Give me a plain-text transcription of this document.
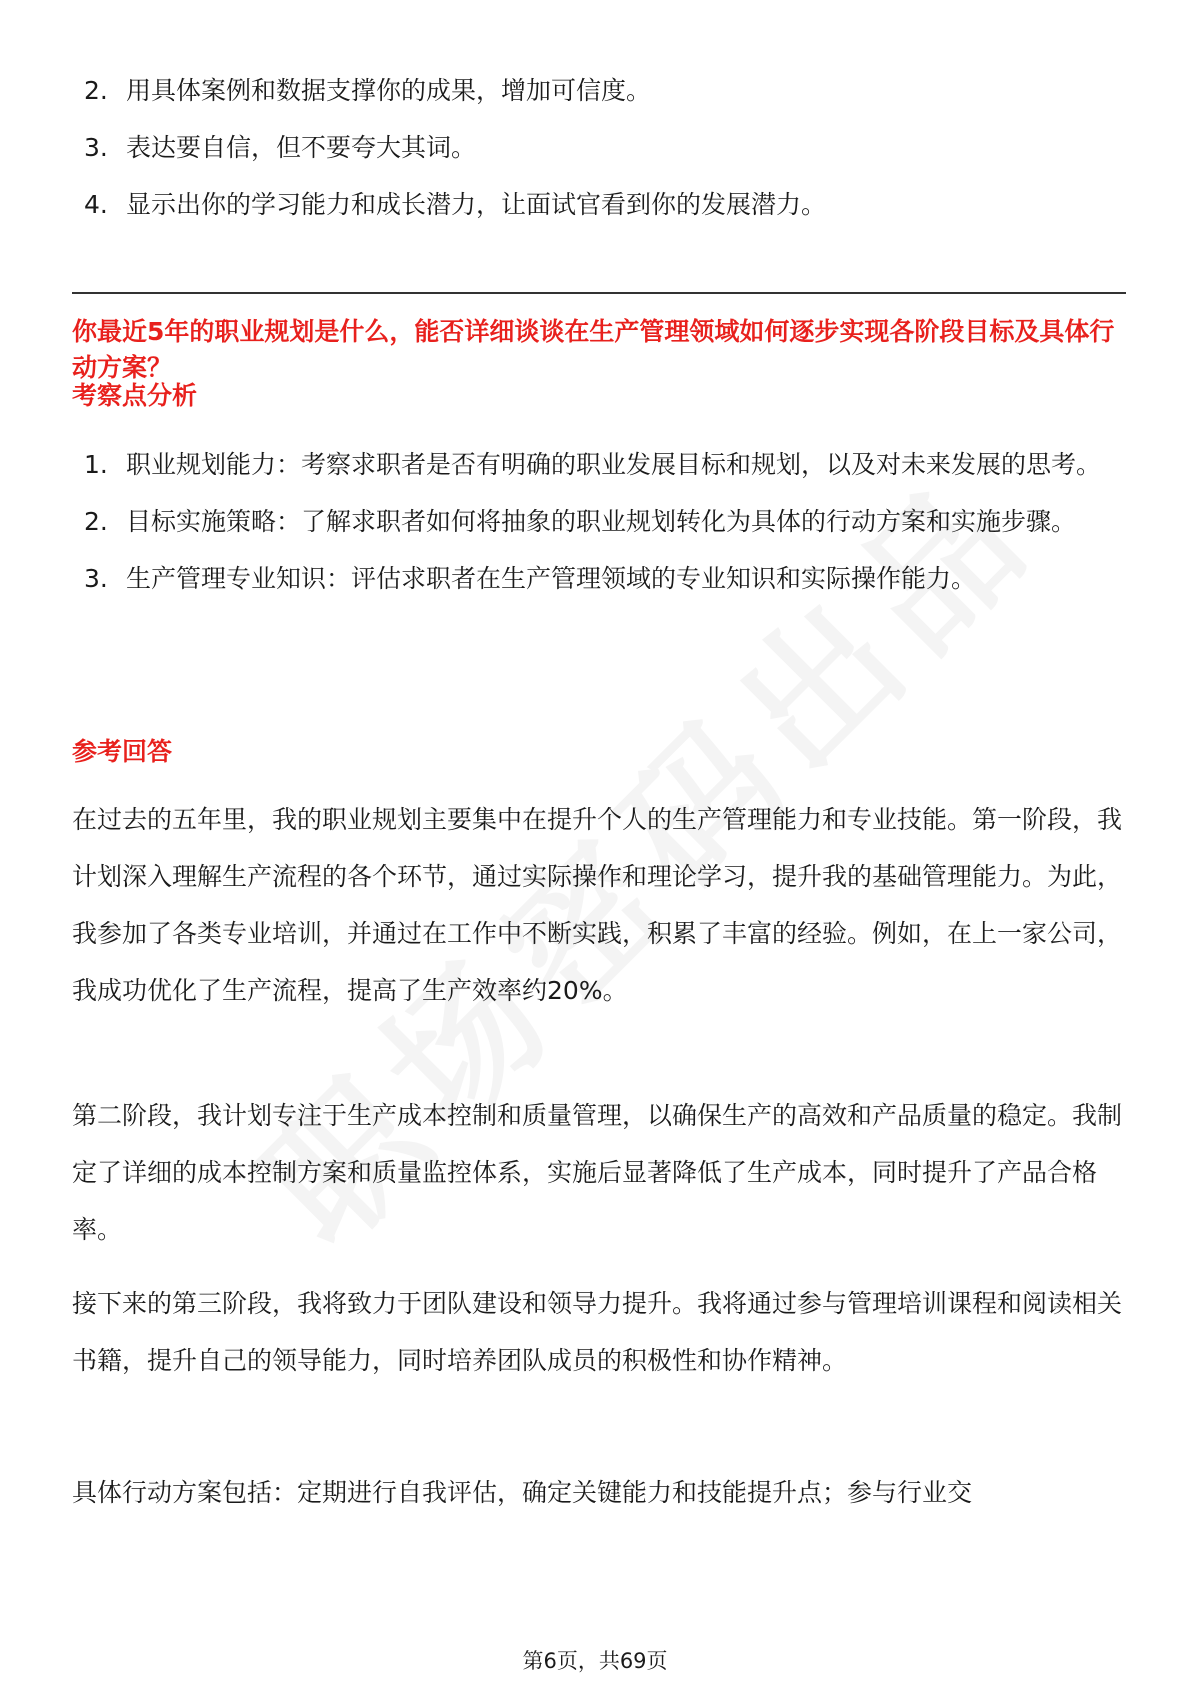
2. 用具体案例和数据支撑你的成果，增加可信度。
3. 表达要自信，但不要夸大其词。
4. 显示出你的学习能力和成长潜力，让面试官看到你的发展潜力。
你最近5年的职业规划是什么，能否详细谈谈在生产管理领域如何逐步实现各阶段目标及具体行动方案？
考察点分析
1. 职业规划能力：考察求职者是否有明确的职业发展目标和规划，以及对未来发展的思考。
2. 目标实施策略：了解求职者如何将抽象的职业规划转化为具体的行动方案和实施步骤。
3. 生产管理专业知识：评估求职者在生产管理领域的专业知识和实际操作能力。
参考回答
在过去的五年里，我的职业规划主要集中在提升个人的生产管理能力和专业技能。第一阶段，我计划深入理解生产流程的各个环节，通过实际操作和理论学习，提升我的基础管理能力。为此，我参加了各类专业培训，并通过在工作中不断实践，积累了丰富的经验。例如，在上一家公司，我成功优化了生产流程，提高了生产效率约20%。
第二阶段，我计划专注于生产成本控制和质量管理，以确保生产的高效和产品质量的稳定。我制定了详细的成本控制方案和质量监控体系，实施后显著降低了生产成本，同时提升了产品合格率。
接下来的第三阶段，我将致力于团队建设和领导力提升。我将通过参与管理培训课程和阅读相关书籍，提升自己的领导能力，同时培养团队成员的积极性和协作精神。
具体行动方案包括：定期进行自我评估，确定关键能力和技能提升点；参与行业交
第6页，共69页
